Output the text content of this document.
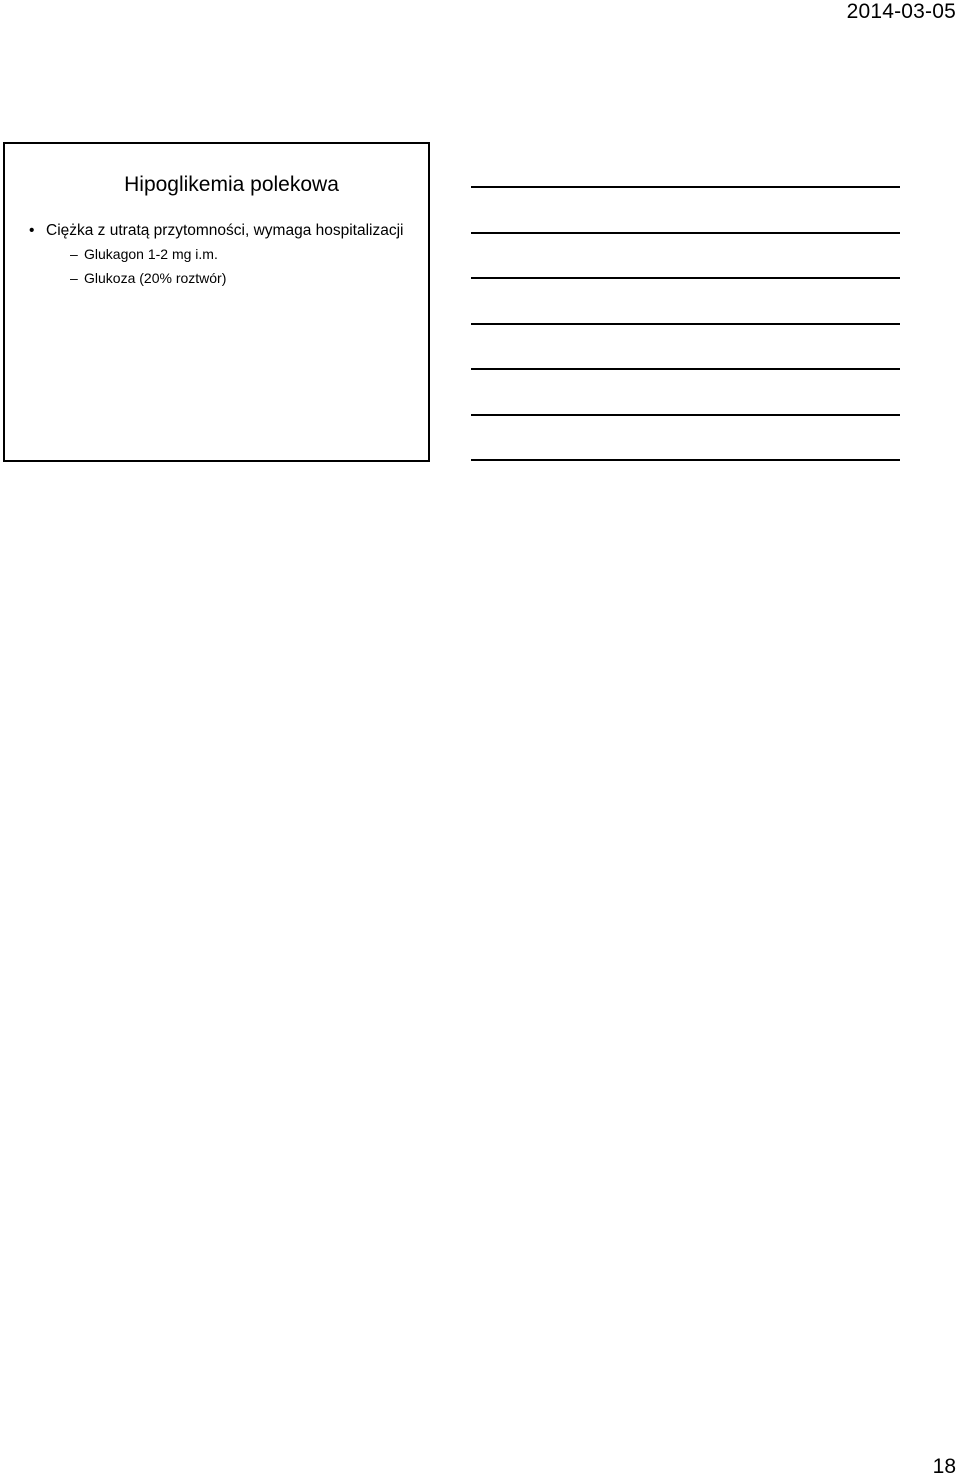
2014-03-05
Hipoglikemia polekowa
• Ciężka z utratą przytomności, wymaga hospitalizacji
– Glukagon 1-2 mg i.m.
– Glukoza (20% roztwór)
18
